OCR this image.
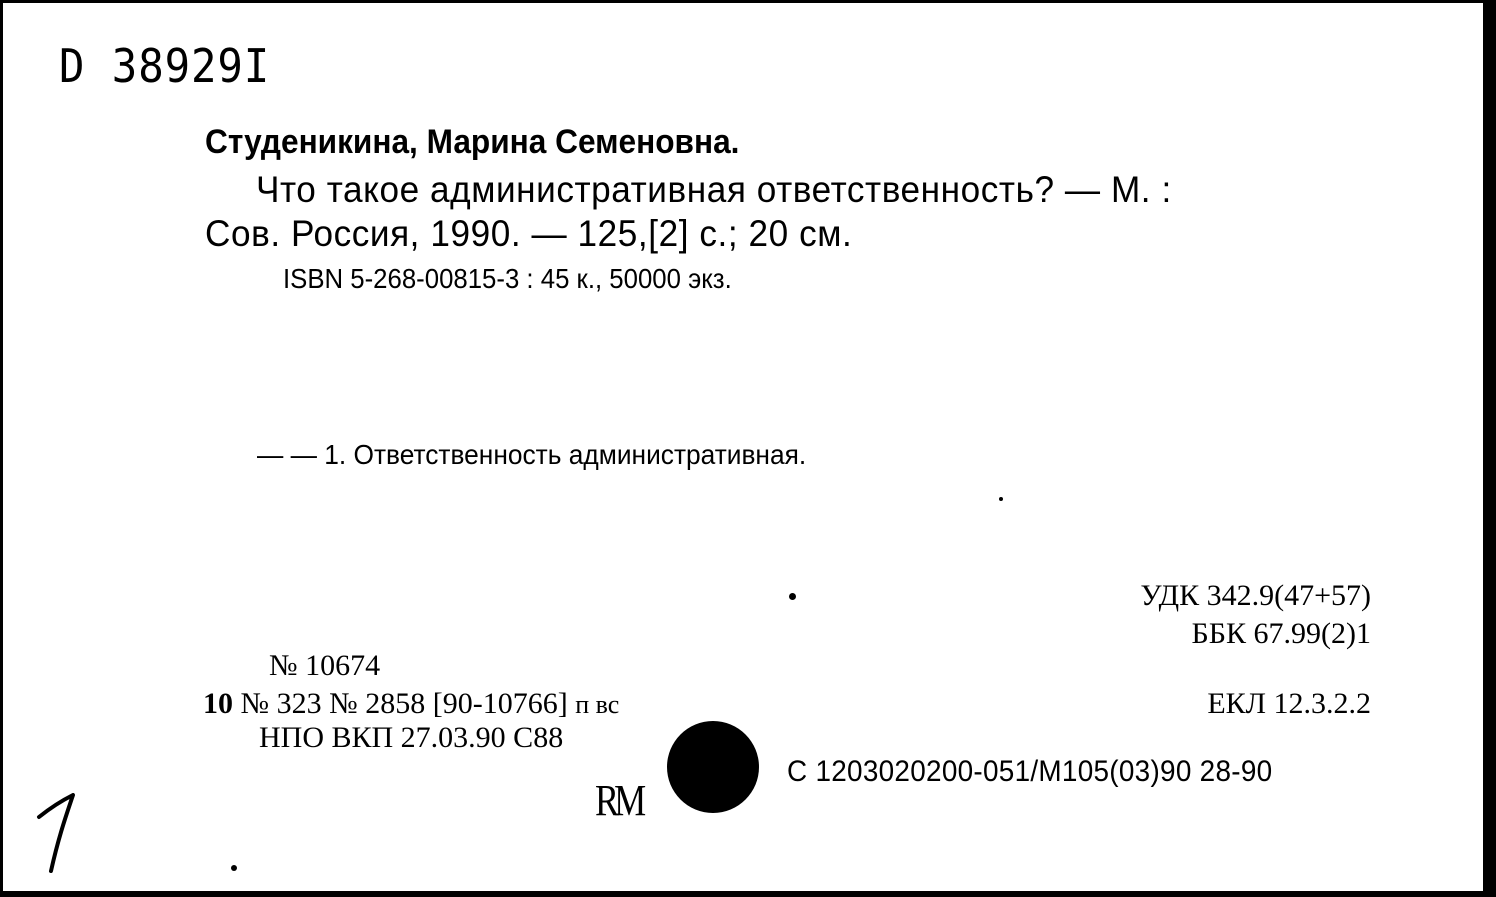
D 38929I
Студеникина, Марина Семеновна.
Что такое административная ответственность? — М. :
Сов. Россия, 1990. — 125,[2] с.; 20 см.
ISBN 5-268-00815-3 : 45 к., 50000 экз.
— — 1. Ответственность административная.
УДК 342.9(47+57)
ББК 67.99(2)1
№ 10674
10 № 323 № 2858 [90-10766] п вс	ЕКЛ 12.3.2.2
НПО ВКП 27.03.90 С88
RM
С 1203020200-051/М105(03)90 28-90
